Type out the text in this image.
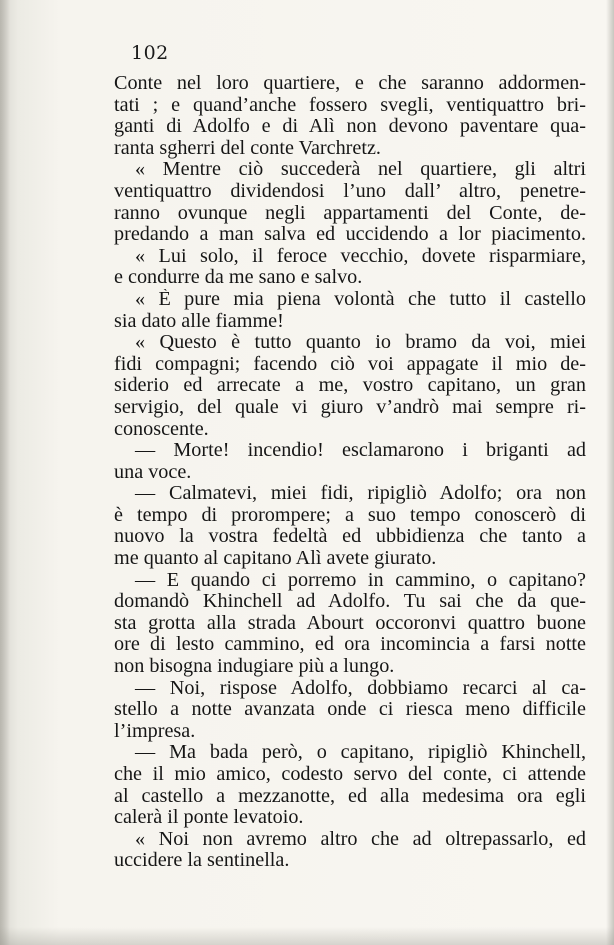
102
Conte nel loro quartiere, e che saranno addormen-
tati ; e quand’anche fossero svegli, ventiquattro bri-
ganti di Adolfo e di Alì non devono paventare qua-
ranta sgherri del conte Varchretz.
« Mentre ciò succederà nel quartiere, gli altri
ventiquattro dividendosi l’uno dall’ altro, penetre-
ranno ovunque negli appartamenti del Conte, de-
predando a man salva ed uccidendo a lor piacimento.
« Lui solo, il feroce vecchio, dovete risparmiare,
e condurre da me sano e salvo.
« È pure mia piena volontà che tutto il castello
sia dato alle fiamme!
« Questo è tutto quanto io bramo da voi, miei
fidi compagni; facendo ciò voi appagate il mio de-
siderio ed arrecate a me, vostro capitano, un gran
servigio, del quale vi giuro v’andrò mai sempre ri-
conoscente.
— Morte! incendio! esclamarono i briganti ad
una voce.
— Calmatevi, miei fidi, ripigliò Adolfo; ora non
è tempo di prorompere; a suo tempo conoscerò di
nuovo la vostra fedeltà ed ubbidienza che tanto a
me quanto al capitano Alì avete giurato.
— E quando ci porremo in cammino, o capitano?
domandò Khinchell ad Adolfo. Tu sai che da que-
sta grotta alla strada Abourt occoronvi quattro buone
ore di lesto cammino, ed ora incomincia a farsi notte
non bisogna indugiare più a lungo.
— Noi, rispose Adolfo, dobbiamo recarci al ca-
stello a notte avanzata onde ci riesca meno difficile
l’impresa.
— Ma bada però, o capitano, ripigliò Khinchell,
che il mio amico, codesto servo del conte, ci attende
al castello a mezzanotte, ed alla medesima ora egli
calerà il ponte levatoio.
« Noi non avremo altro che ad oltrepassarlo, ed
uccidere la sentinella.
